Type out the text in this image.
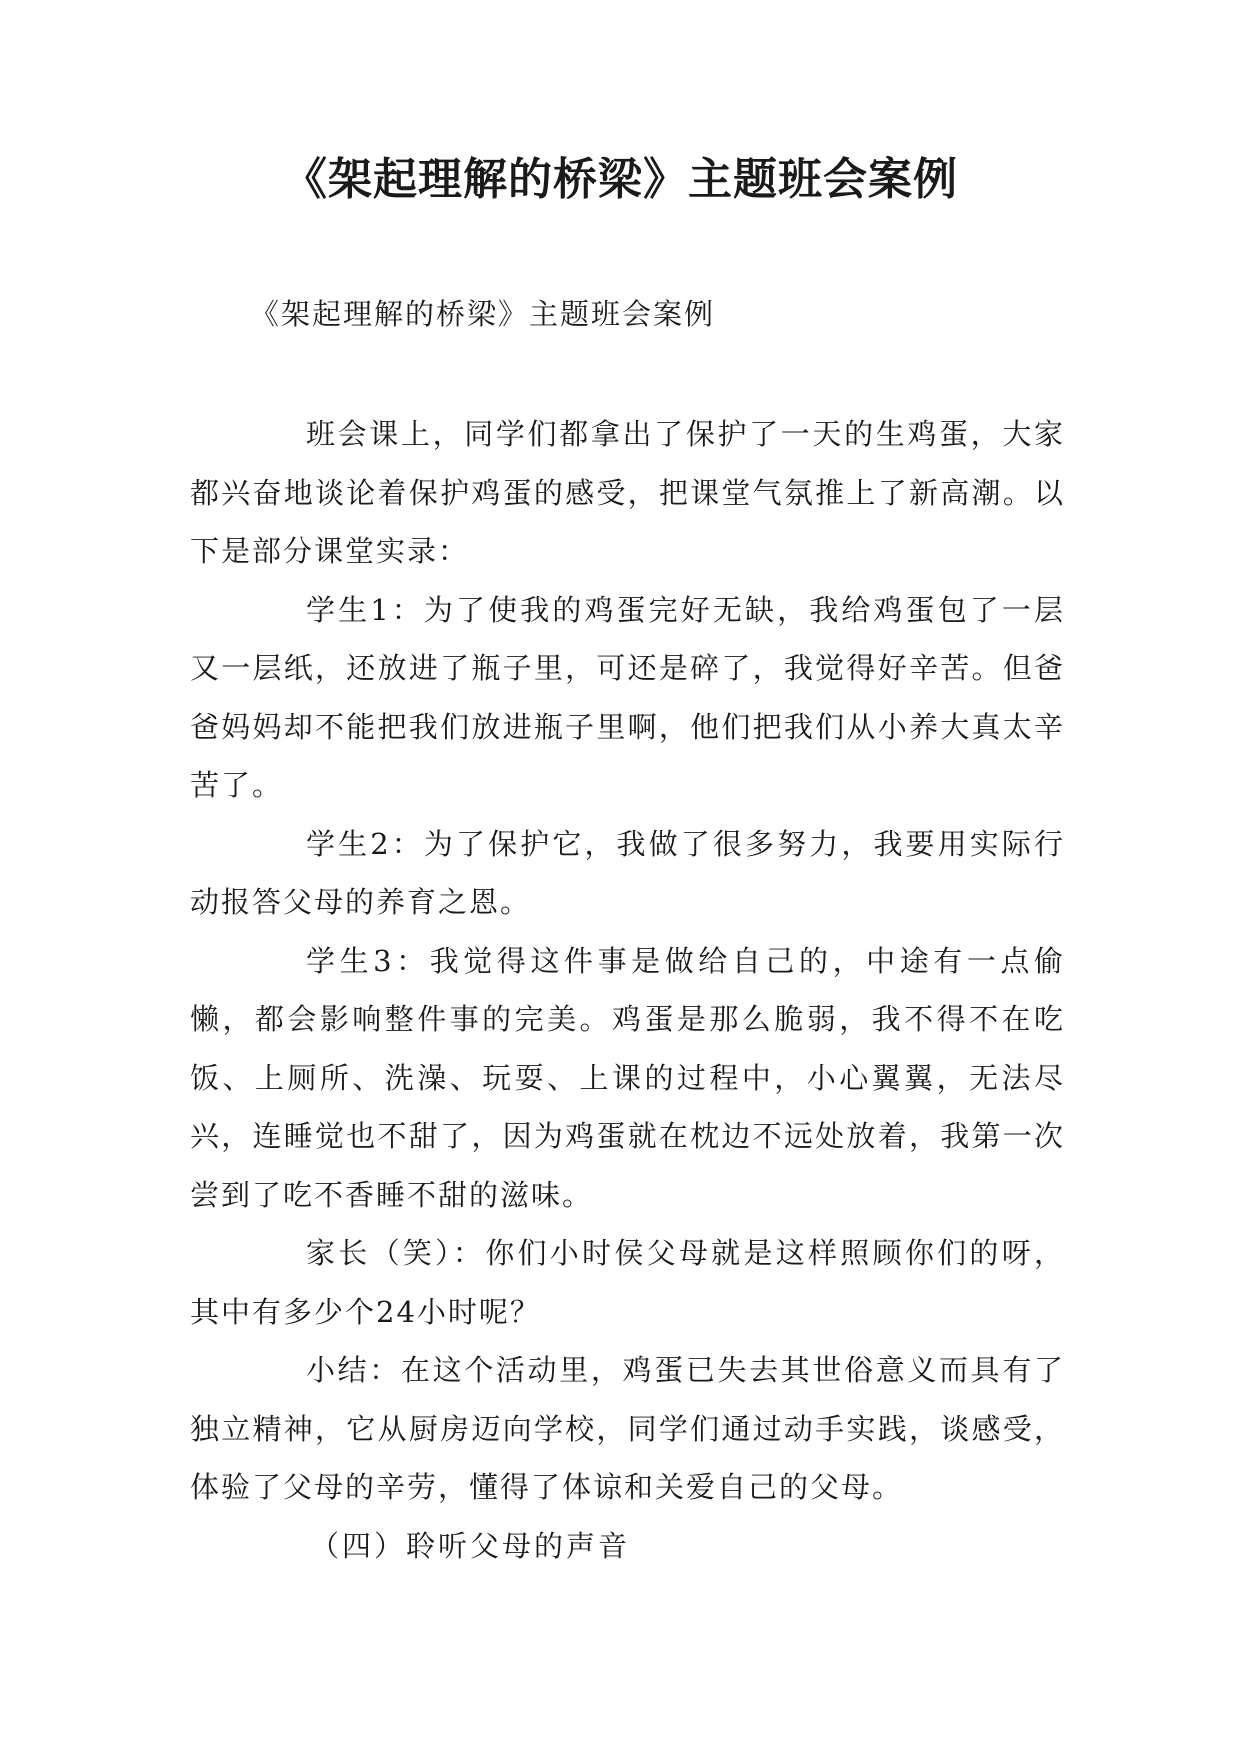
《架起理解的桥梁》主题班会案例

《架起理解的桥梁》主题班会案例

班会课上，同学们都拿出了保护了一天的生鸡蛋，大家都兴奋地谈论着保护鸡蛋的感受，把课堂气氛推上了新高潮。以下是部分课堂实录：

学生1：为了使我的鸡蛋完好无缺，我给鸡蛋包了一层又一层纸，还放进了瓶子里，可还是碎了，我觉得好辛苦。但爸爸妈妈却不能把我们放进瓶子里啊，他们把我们从小养大真太辛苦了。

学生2：为了保护它，我做了很多努力，我要用实际行动报答父母的养育之恩。

学生3：我觉得这件事是做给自己的，中途有一点偷懒，都会影响整件事的完美。鸡蛋是那么脆弱，我不得不在吃饭、上厕所、洗澡、玩耍、上课的过程中，小心翼翼，无法尽兴，连睡觉也不甜了，因为鸡蛋就在枕边不远处放着，我第一次尝到了吃不香睡不甜的滋味。

家长（笑）：你们小时侯父母就是这样照顾你们的呀，其中有多少个24小时呢？

小结：在这个活动里，鸡蛋已失去其世俗意义而具有了独立精神，它从厨房迈向学校，同学们通过动手实践，谈感受，体验了父母的辛劳，懂得了体谅和关爱自己的父母。

（四）聆听父母的声音
